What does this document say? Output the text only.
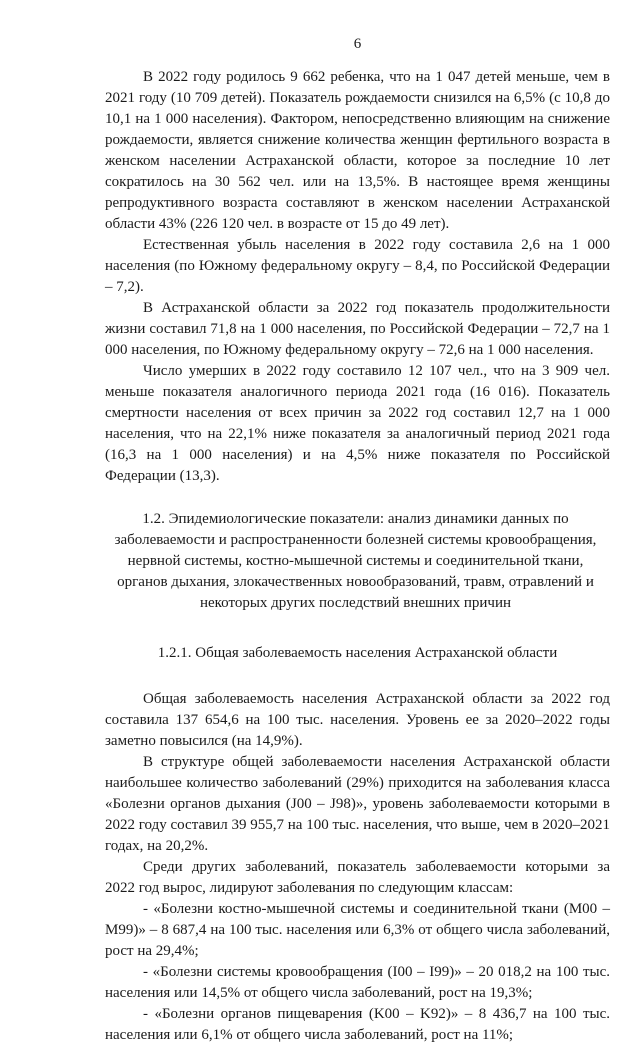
6

В 2022 году родилось 9 662 ребенка, что на 1 047 детей меньше, чем в 2021 году (10 709 детей). Показатель рождаемости снизился на 6,5% (с 10,8 до 10,1 на 1 000 населения). Фактором, непосредственно влияющим на снижение рождаемости, является снижение количества женщин фертильного возраста в женском населении Астраханской области, которое за последние 10 лет сократилось на 30 562 чел. или на 13,5%. В настоящее время женщины репродуктивного возраста составляют в женском населении Астраханской области 43% (226 120 чел. в возрасте от 15 до 49 лет).

Естественная убыль населения в 2022 году составила 2,6 на 1 000 населения (по Южному федеральному округу – 8,4, по Российской Федерации – 7,2).

В Астраханской области за 2022 год показатель продолжительности жизни составил 71,8 на 1 000 населения, по Российской Федерации – 72,7 на 1 000 населения, по Южному федеральному округу – 72,6 на 1 000 населения.

Число умерших в 2022 году составило 12 107 чел., что на 3 909 чел. меньше показателя аналогичного периода 2021 года (16 016). Показатель смертности населения от всех причин за 2022 год составил 12,7 на 1 000 населения, что на 22,1% ниже показателя за аналогичный период 2021 года (16,3 на 1 000 населения) и на 4,5% ниже показателя по Российской Федерации (13,3).

1.2. Эпидемиологические показатели: анализ динамики данных по заболеваемости и распространенности болезней системы кровообращения, нервной системы, костно-мышечной системы и соединительной ткани, органов дыхания, злокачественных новообразований, травм, отравлений и некоторых других последствий внешних причин
1.2.1. Общая заболеваемость населения Астраханской области

Общая заболеваемость населения Астраханской области за 2022 год составила 137 654,6 на 100 тыс. населения. Уровень ее за 2020–2022 годы заметно повысился (на 14,9%).

В структуре общей заболеваемости населения Астраханской области наибольшее количество заболеваний (29%) приходится на заболевания класса «Болезни органов дыхания (J00 – J98)», уровень заболеваемости которыми в 2022 году составил 39 955,7 на 100 тыс. населения, что выше, чем в 2020–2021 годах, на 20,2%.

Среди других заболеваний, показатель заболеваемости которыми за 2022 год вырос, лидируют заболевания по следующим классам:

- «Болезни костно-мышечной системы и соединительной ткани (M00 – M99)» – 8 687,4 на 100 тыс. населения или 6,3% от общего числа заболеваний, рост на 29,4%;

- «Болезни системы кровообращения (I00 – I99)» – 20 018,2 на 100 тыс. населения или 14,5% от общего числа заболеваний, рост на 19,3%;

- «Болезни органов пищеварения (K00 – K92)» – 8 436,7 на 100 тыс. населения или 6,1% от общего числа заболеваний, рост на 11%;
